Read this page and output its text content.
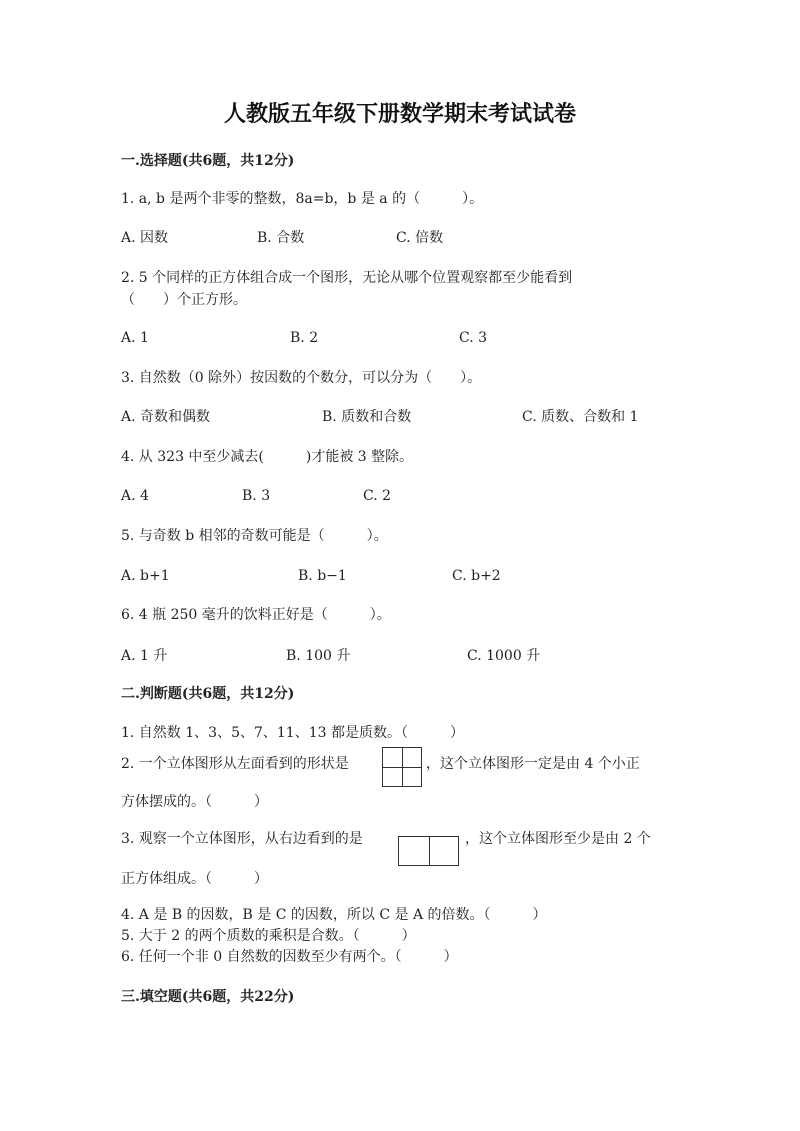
人教版五年级下册数学期末考试试卷
一.选择题(共6题，共12分)
1. a, b 是两个非零的整数，8a=b，b 是 a 的（　　　）。
A. 因数	B. 合数	C. 倍数
2. 5 个同样的正方体组合成一个图形，无论从哪个位置观察都至少能看到
（　　）个正方形。
A. 1	B. 2	C. 3
3. 自然数（0 除外）按因数的个数分，可以分为（　　）。
A. 奇数和偶数	B. 质数和合数	C. 质数、合数和 1
4. 从 323 中至少减去(　　　)才能被 3 整除。
A. 4	B. 3	C. 2
5. 与奇数 b 相邻的奇数可能是（　　　）。
A. b+1	B. b−1	C. b+2
6. 4 瓶 250 毫升的饮料正好是（　　　）。
A. 1 升	B. 100 升	C. 1000 升
二.判断题(共6题，共12分)
1. 自然数 1、3、5、7、11、13 都是质数。（　　　）
2. 一个立体图形从左面看到的形状是	，这个立体图形一定是由 4 个小正
方体摆成的。（　　　）
3. 观察一个立体图形，从右边看到的是	，这个立体图形至少是由 2 个
正方体组成。（　　　）
4. A 是 B 的因数，B 是 C 的因数，所以 C 是 A 的倍数。（　　　）
5. 大于 2 的两个质数的乘积是合数。（　　　）
6. 任何一个非 0 自然数的因数至少有两个。（　　　）
三.填空题(共6题，共22分)
